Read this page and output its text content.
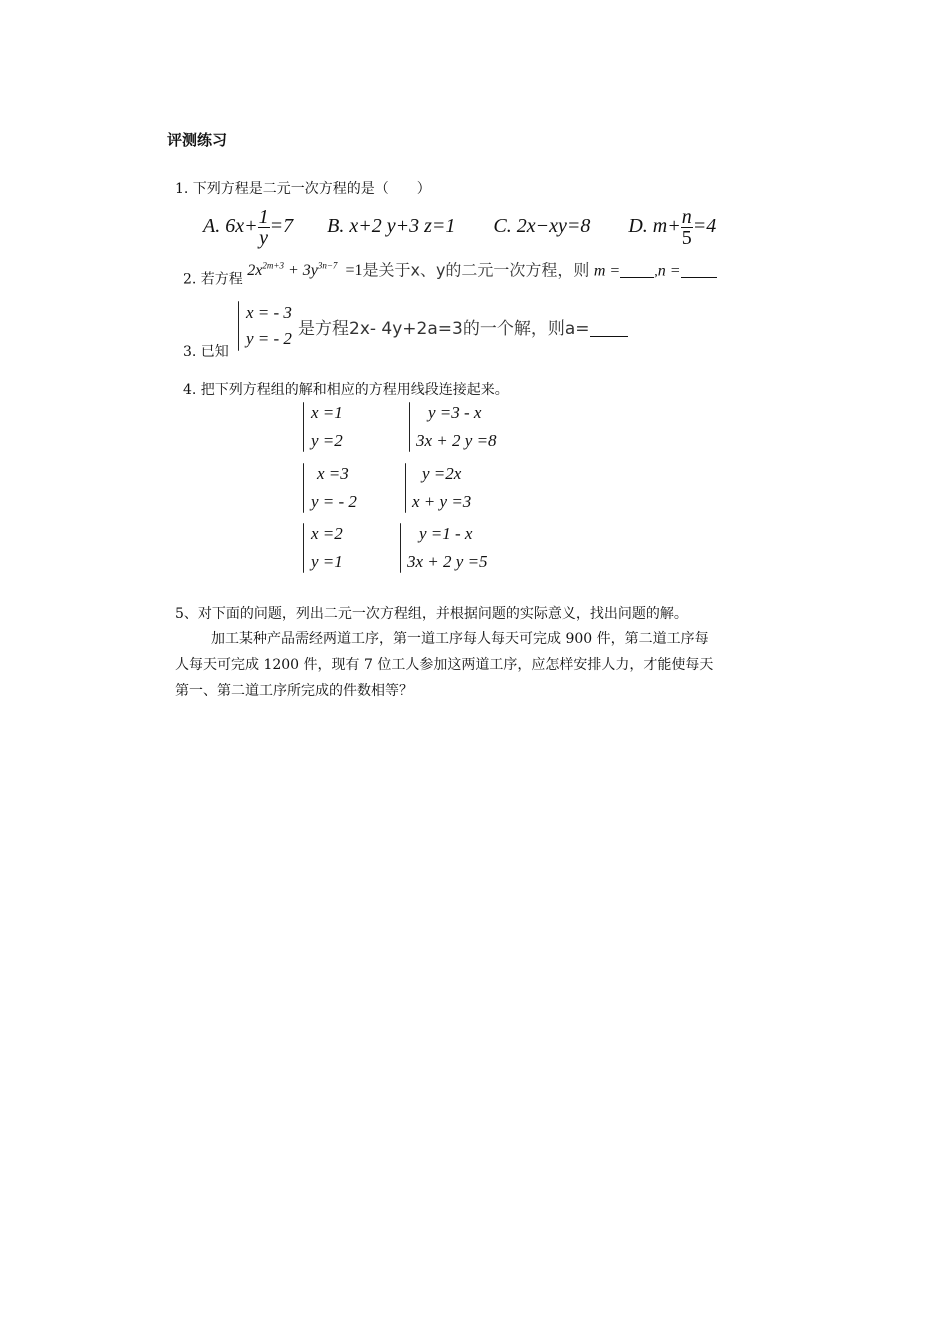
评测练习
1. 下列方程是二元一次方程的是（　　）
A. $6x+ \frac{1}{y} =7$ B. x+2 y+3 z=1 C. 2x−xy=8 D. $m+ \frac{n}{5} =4$
2. 若方程 $2x^{2m+3} + 3y^{3n-7} =1$是关于x、y的二元一次方程，则 m = ,n =
x = - 3
y = - 2
3. 已知
是方程2x- 4y+2a=3的一个解，则a=
4. 把下列方程组的解和相应的方程用线段连接起来。
x =1
y =2
x =3
y = - 2
x =2
y =1
y =3 - x
3x + 2 y =8
y =2x
x + y =3
y =1 - x
3x + 2 y =5
5、对下面的问题，列出二元一次方程组，并根据问题的实际意义，找出问题的解。
加工某种产品需经两道工序，第一道工序每人每天可完成 900 件，第二道工序每
人每天可完成 1200 件，现有 7 位工人参加这两道工序，应怎样安排人力，才能使每天
第一、第二道工序所完成的件数相等？
